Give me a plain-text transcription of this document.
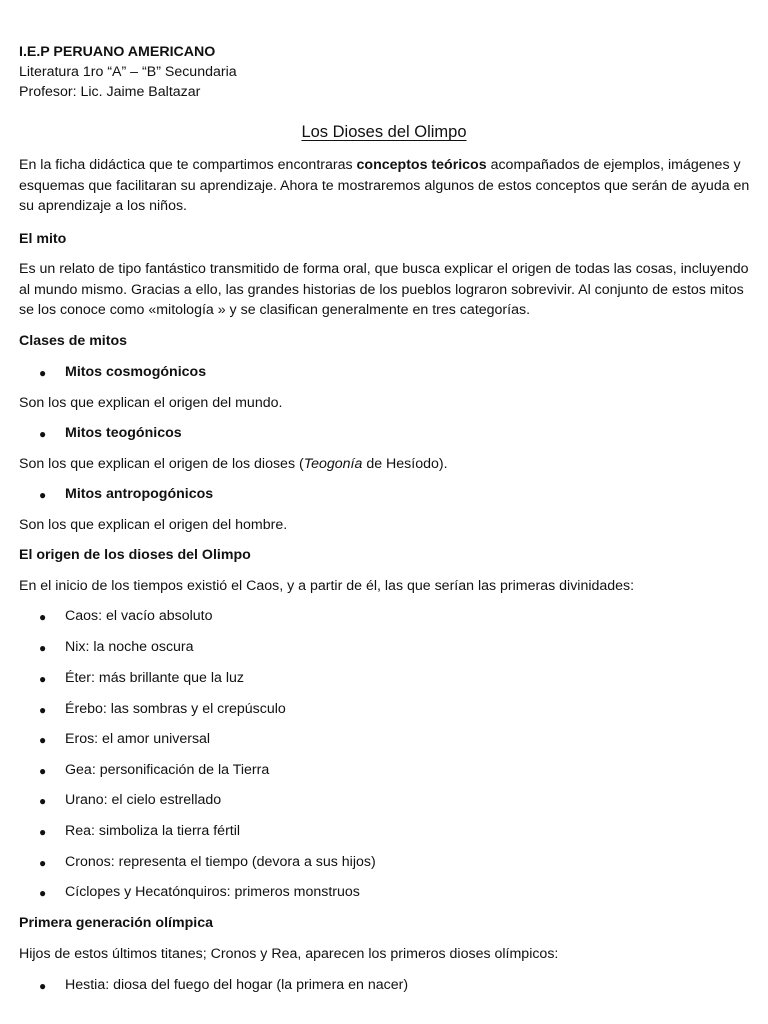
I.E.P PERUANO AMERICANO
Literatura 1ro “A” – “B” Secundaria
Profesor: Lic. Jaime Baltazar
Los Dioses del Olimpo

En la ficha didáctica que te compartimos encontraras conceptos teóricos acompañados de ejemplos, imágenes y esquemas que facilitaran su aprendizaje. Ahora te mostraremos algunos de estos conceptos que serán de ayuda en su aprendizaje a los niños.

El mito

Es un relato de tipo fantástico transmitido de forma oral, que busca explicar el origen de todas las cosas, incluyendo al mundo mismo. Gracias a ello, las grandes historias de los pueblos lograron sobrevivir. Al conjunto de estos mitos se los conoce como «mitología » y se clasifican generalmente en tres categorías.

Clases de mitos
● Mitos cosmogónicos
Son los que explican el origen del mundo.
● Mitos teogónicos
Son los que explican el origen de los dioses (Teogonía de Hesíodo).
● Mitos antropogónicos
Son los que explican el origen del hombre.
El origen de los dioses del Olimpo
En el inicio de los tiempos existió el Caos, y a partir de él, las que serían las primeras divinidades:
● Caos: el vacío absoluto
● Nix: la noche oscura
● Éter: más brillante que la luz
● Érebo: las sombras y el crepúsculo
● Eros: el amor universal
● Gea: personificación de la Tierra
● Urano: el cielo estrellado
● Rea: simboliza la tierra fértil
● Cronos: representa el tiempo (devora a sus hijos)
● Cíclopes y Hecatónquiros: primeros monstruos
Primera generación olímpica
Hijos de estos últimos titanes; Cronos y Rea, aparecen los primeros dioses olímpicos:
● Hestia: diosa del fuego del hogar (la primera en nacer)
